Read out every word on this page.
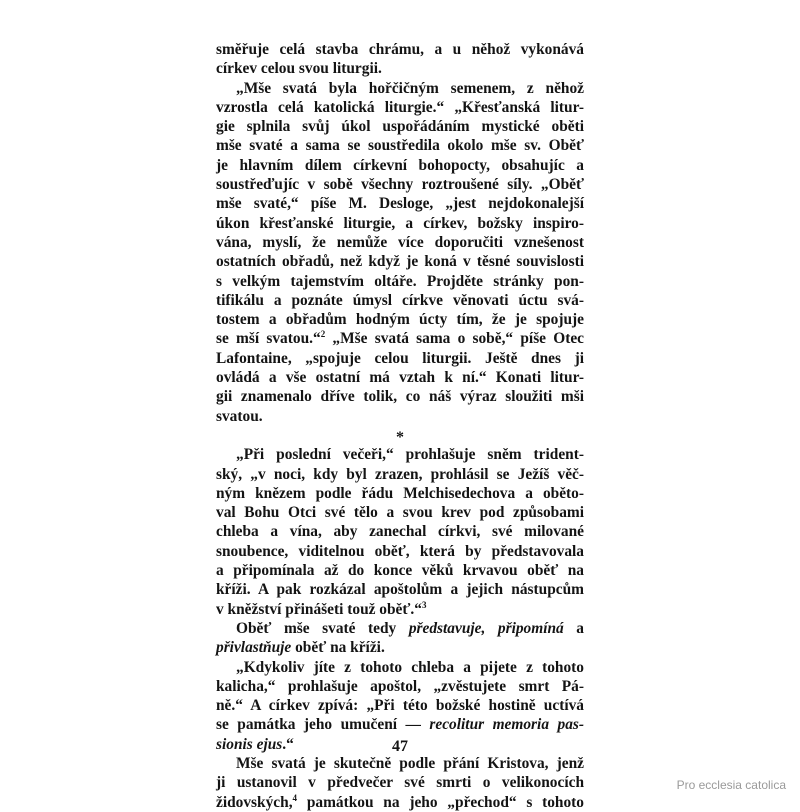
směřuje celá stavba chrámu, a u něhož vykonává
církev celou svou liturgii.

„Mše svatá byla hořčičným semenem, z něhož
vzrostla celá katolická liturgie.“ „Křesťanská litur-
gie splnila svůj úkol uspořádáním mystické oběti
mše svaté a sama se soustředila okolo mše sv. Oběť
je hlavním dílem církevní bohopocty, obsahujíc a
soustřeďujíc v sobě všechny roztroušené síly. „Oběť
mše svaté,“ píše M. Desloge, „jest nejdokonalejší
úkon křesťanské liturgie, a církev, božsky inspiro-
vána, myslí, že nemůže více doporučiti vznešenost
ostatních obřadů, než když je koná v těsné souvislosti
s velkým tajemstvím oltáře. Projděte stránky pon-
tifikálu a poznáte úmysl církve věnovati úctu svá-
tostem a obřadům hodným úcty tím, že je spojuje
se mší svatou.“$^2$ „Mše svatá sama o sobě,“ píše Otec
Lafontaine, „spojuje celou liturgii. Ještě dnes ji
ovládá a vše ostatní má vztah k ní.“ Konati litur-
gii znamenalo dříve tolik, co náš výraz sloužiti mši
svatou.

*

„Při poslední večeři,“ prohlašuje sněm trident-
ský, „v noci, kdy byl zrazen, prohlásil se Ježíš věč-
ným knězem podle řádu Melchisedechova a oběto-
val Bohu Otci své tělo a svou krev pod způsobami
chleba a vína, aby zanechal církvi, své milované
snoubence, viditelnou oběť, která by představovala
a připomínala až do konce věků krvavou oběť na
kříži. A pak rozkázal apoštolům a jejich nástupcům
v kněžství přinášeti touž oběť.“$^3$

Oběť mše svaté tedy představuje, připomíná a
přivlastňuje oběť na kříži.

„Kdykoliv jíte z tohoto chleba a pijete z tohoto
kalicha,“ prohlašuje apoštol, „zvěstujete smrt Pá-
ně.“ A církev zpívá: „Při této božské hostině uctívá
se památka jeho umučení — recolitur memoria pas-
sionis ejus.“

Mše svatá je skutečně podle přání Kristova, jenž
ji ustanovil v předvečer své smrti o velikonocích
židovských,$^4$ památkou na jeho „přechod“ s tohoto

47
Pro ecclesia catolica
